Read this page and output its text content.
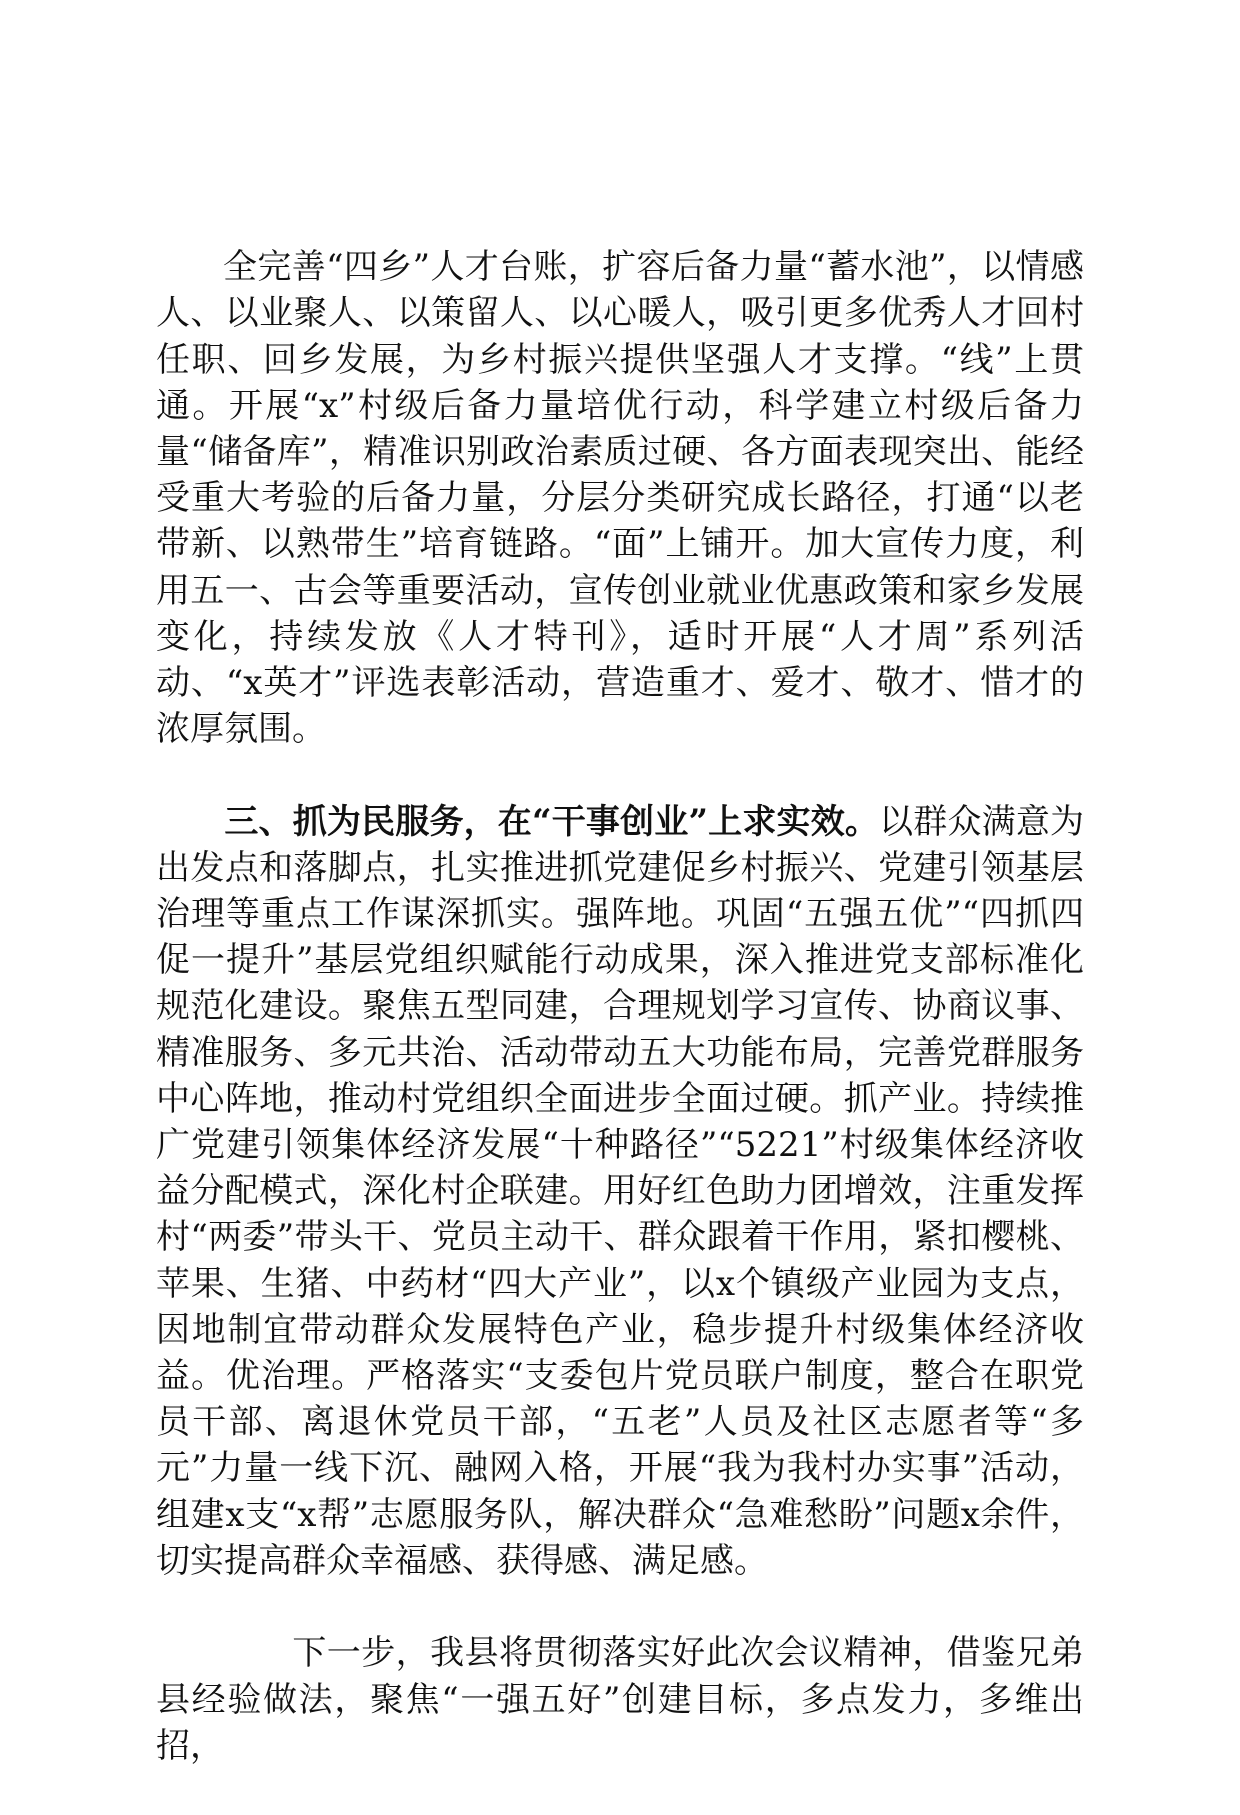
全完善“四乡”人才台账，扩容后备力量“蓄水池”，以情感人、以业聚人、以策留人、以心暖人，吸引更多优秀人才回村任职、回乡发展，为乡村振兴提供坚强人才支撑。“线”上贯通。开展“x”村级后备力量培优行动，科学建立村级后备力量“储备库”，精准识别政治素质过硬、各方面表现突出、能经受重大考验的后备力量，分层分类研究成长路径，打通“以老带新、以熟带生”培育链路。“面”上铺开。加大宣传力度，利用五一、古会等重要活动，宣传创业就业优惠政策和家乡发展变化，持续发放《人才特刊》，适时开展“人才周”系列活动、“x英才”评选表彰活动，营造重才、爱才、敬才、惜才的浓厚氛围。

　　三、抓为民服务，在“干事创业”上求实效。以群众满意为出发点和落脚点，扎实推进抓党建促乡村振兴、党建引领基层治理等重点工作谋深抓实。强阵地。巩固“五强五优”“四抓四促一提升”基层党组织赋能行动成果，深入推进党支部标准化规范化建设。聚焦五型同建，合理规划学习宣传、协商议事、精准服务、多元共治、活动带动五大功能布局，完善党群服务中心阵地，推动村党组织全面进步全面过硬。抓产业。持续推广党建引领集体经济发展“十种路径”“5221”村级集体经济收益分配模式，深化村企联建。用好红色助力团增效，注重发挥村“两委”带头干、党员主动干、群众跟着干作用，紧扣樱桃、苹果、生猪、中药材“四大产业”，以x个镇级产业园为支点，因地制宜带动群众发展特色产业，稳步提升村级集体经济收益。优治理。严格落实“支委包片党员联户制度，整合在职党员干部、离退休党员干部，“五老”人员及社区志愿者等“多元”力量一线下沉、融网入格，开展“我为我村办实事”活动，组建x支“x帮”志愿服务队，解决群众“急难愁盼”问题x余件，切实提高群众幸福感、获得感、满足感。

　　下一步，我县将贯彻落实好此次会议精神，借鉴兄弟县经验做法，聚焦“一强五好”创建目标，多点发力，多维出招，
